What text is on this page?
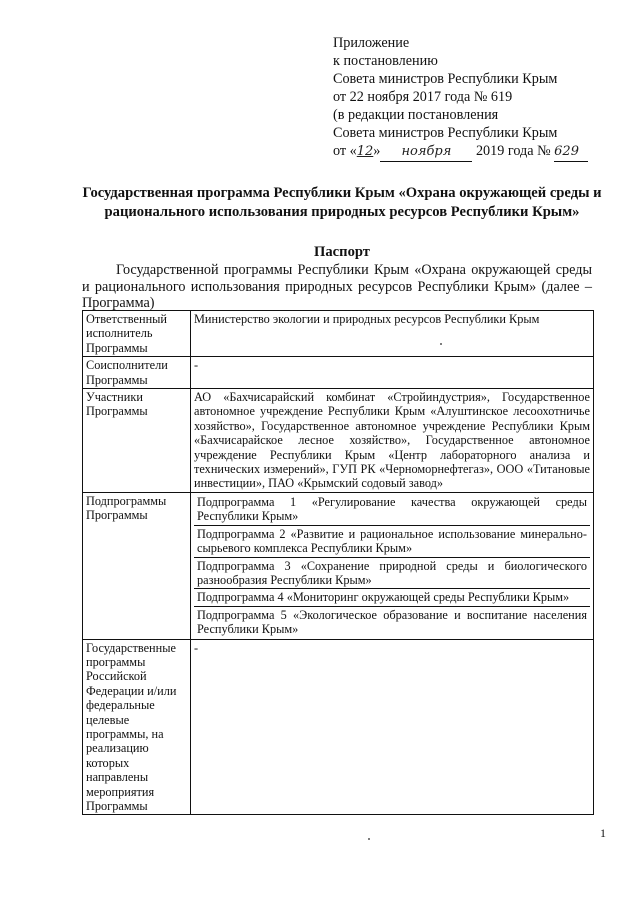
Приложение
к постановлению
Совета министров Республики Крым
от 22 ноября 2017 года № 619
(в редакции постановления
Совета министров Республики Крым
от «12» ноября 2019 года № 629
Государственная программа Республики Крым «Охрана окружающей среды и рационального использования природных ресурсов Республики Крым»
Паспорт
Государственной программы Республики Крым «Охрана окружающей среды и рационального использования природных ресурсов Республики Крым» (далее – Программа)
Ответственный исполнитель Программы	Министерство экологии и природных ресурсов Республики Крым
Соисполнители Программы	-
Участники Программы	АО «Бахчисарайский комбинат «Стройиндустрия», Государственное автономное учреждение Республики Крым «Алуштинское лесоохотничье хозяйство», Государственное автономное учреждение Республики Крым «Бахчисарайское лесное хозяйство», Государственное автономное учреждение Республики Крым «Центр лабораторного анализа и технических измерений», ГУП РК «Черноморнефтегаз», ООО «Титановые инвестиции», ПАО «Крымский содовый завод»
Подпрограммы Программы	Подпрограмма 1 «Регулирование качества окружающей среды Республики Крым»
Подпрограмма 2 «Развитие и рациональное использование минерально-сырьевого комплекса Республики Крым»
Подпрограмма 3 «Сохранение природной среды и биологического разнообразия Республики Крым»
Подпрограмма 4 «Мониторинг окружающей среды Республики Крым»
Подпрограмма 5 «Экологическое образование и воспитание населения Республики Крым»

Государственные программы Российской Федерации и/или федеральные целевые программы, на реализацию которых направлены мероприятия Программы	-
1
